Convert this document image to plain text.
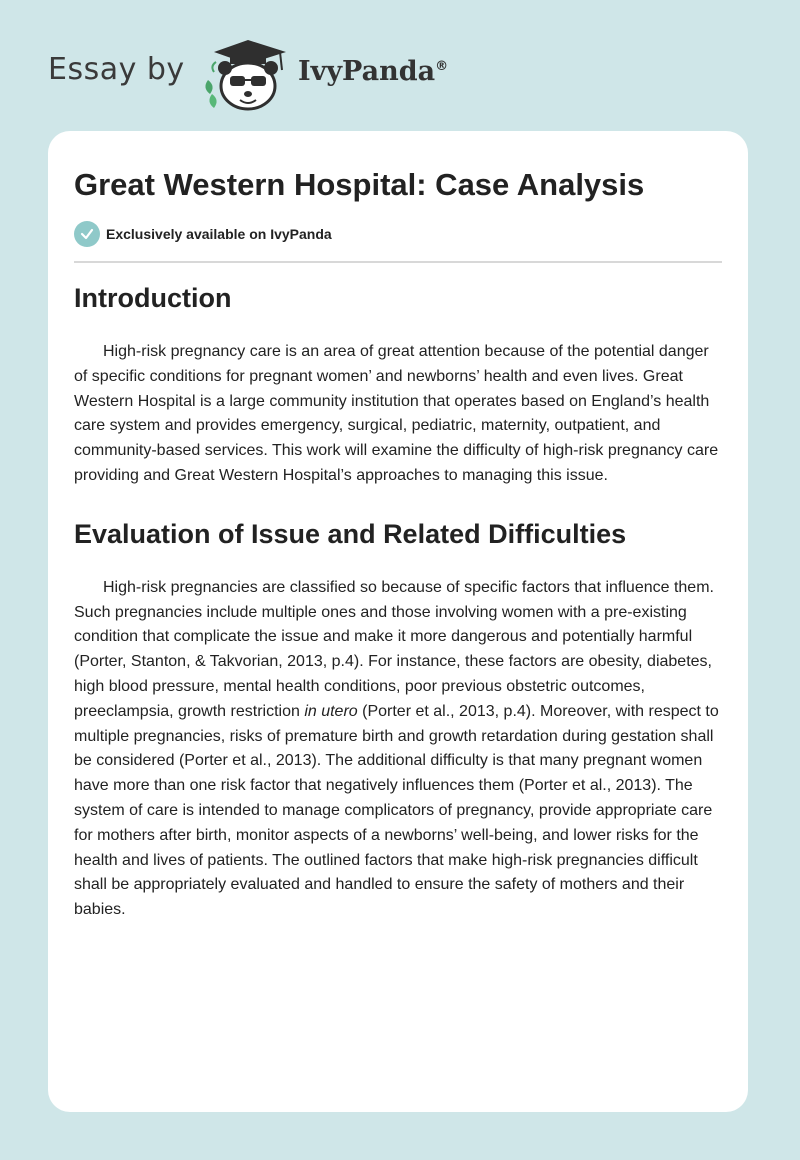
Essay by	IvyPanda®
Great Western Hospital: Case Analysis
Exclusively available on IvyPanda
Introduction

High-risk pregnancy care is an area of great attention because of the potential danger of specific conditions for pregnant women’ and newborns’ health and even lives. Great Western Hospital is a large community institution that operates based on England’s health care system and provides emergency, surgical, pediatric, maternity, outpatient, and community-based services. This work will examine the difficulty of high-risk pregnancy care providing and Great Western Hospital’s approaches to managing this issue.

Evaluation of Issue and Related Difficulties

High-risk pregnancies are classified so because of specific factors that influence them. Such pregnancies include multiple ones and those involving women with a pre-existing condition that complicate the issue and make it more dangerous and potentially harmful (Porter, Stanton, & Takvorian, 2013, p.4). For instance, these factors are obesity, diabetes, high blood pressure, mental health conditions, poor previous obstetric outcomes, preeclampsia, growth restriction in utero (Porter et al., 2013, p.4). Moreover, with respect to multiple pregnancies, risks of premature birth and growth retardation during gestation shall be considered (Porter et al., 2013). The additional difficulty is that many pregnant women have more than one risk factor that negatively influences them (Porter et al., 2013). The system of care is intended to manage complicators of pregnancy, provide appropriate care for mothers after birth, monitor aspects of a newborns’ well-being, and lower risks for the health and lives of patients. The outlined factors that make high-risk pregnancies difficult shall be appropriately evaluated and handled to ensure the safety of mothers and their babies.
